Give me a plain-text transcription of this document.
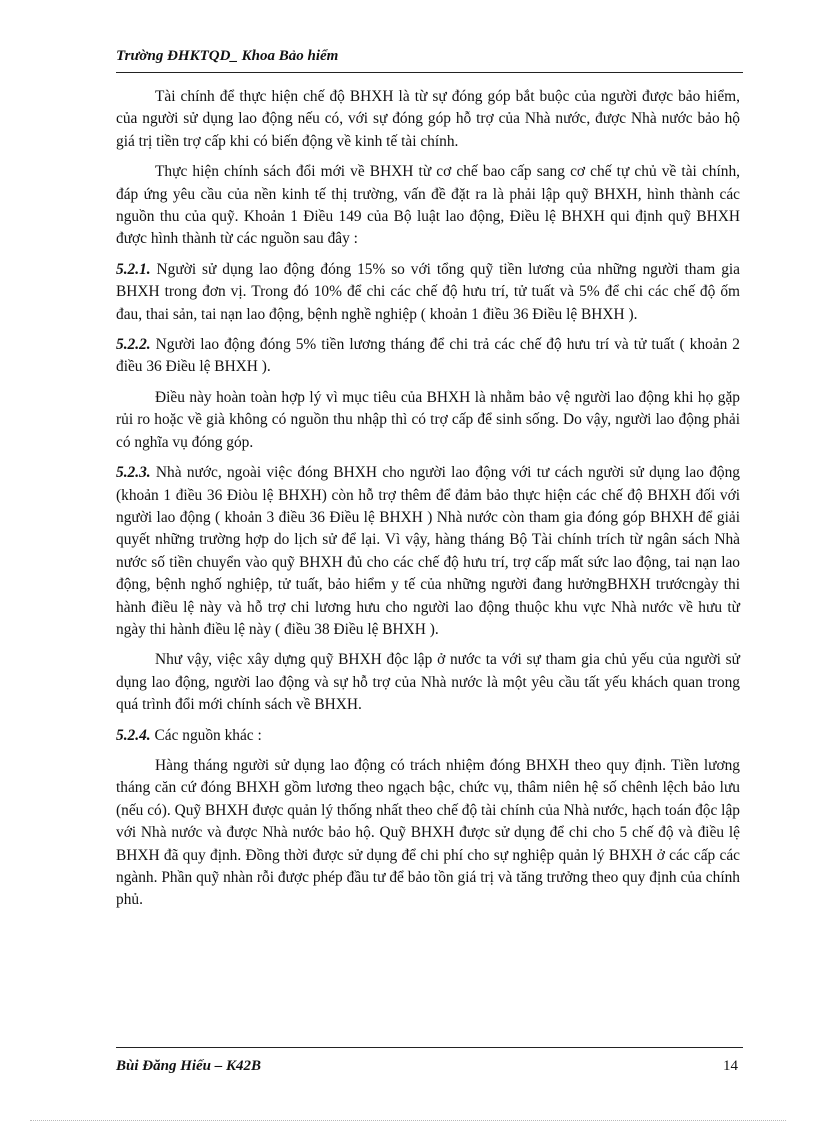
Trường ĐHKTQD_ Khoa Bảo hiểm

Tài chính để thực hiện chế độ BHXH là từ sự đóng góp bắt buộc của người được bảo hiểm, của người sử dụng lao động nếu có, với sự đóng góp hỗ trợ của Nhà nước, được Nhà nước bảo hộ giá trị tiền trợ cấp khi có biến động về kinh tế tài chính.

Thực hiện chính sách đổi mới về BHXH từ cơ chế bao cấp sang cơ chế tự chủ về tài chính, đáp ứng yêu cầu của nền kinh tế thị trường, vấn đề đặt ra là phải lập quỹ BHXH, hình thành các nguồn thu của quỹ. Khoản 1 Điều 149 của Bộ luật lao động, Điều lệ BHXH qui định quỹ BHXH được hình thành từ các nguồn sau đây :

5.2.1. Người sử dụng lao động đóng 15% so với tổng quỹ tiền lương của những người tham gia BHXH trong đơn vị. Trong đó 10% để chi các chế độ hưu trí, tử tuất và 5% để chi các chế độ ốm đau, thai sản, tai nạn lao động, bệnh nghề nghiệp ( khoản 1 điều 36 Điều lệ BHXH ).

5.2.2. Người lao động đóng 5% tiền lương tháng để chi trả các chế độ hưu trí và tử tuất ( khoản 2 điều 36 Điều lệ BHXH ).

Điều này hoàn toàn hợp lý vì mục tiêu của BHXH là nhằm bảo vệ người lao động khi họ gặp rủi ro hoặc về già không có nguồn thu nhập thì có trợ cấp để sinh sống. Do vậy, người lao động phải có nghĩa vụ đóng góp.

5.2.3. Nhà nước, ngoài việc đóng BHXH cho người lao động với tư cách người sử dụng lao động (khoản 1 điều 36 Điòu lệ BHXH) còn hỗ trợ thêm để đảm bảo thực hiện các chế độ BHXH đối với người lao động ( khoản 3 điều 36 Điều lệ BHXH ) Nhà nước còn tham gia đóng góp BHXH để giải quyết những trường hợp do lịch sử để lại. Vì vậy, hàng tháng Bộ Tài chính trích từ ngân sách Nhà nước số tiền chuyển vào quỹ BHXH đủ cho các chế độ hưu trí, trợ cấp mất sức lao động, tai nạn lao động, bệnh nghố nghiệp, tử tuất, bảo hiểm y tế của những người đang hưởngBHXH trướcngày thi hành điều lệ này và hỗ trợ chi lương hưu cho người lao động thuộc khu vực Nhà nước về hưu từ ngày thi hành điều lệ này ( điều 38 Điều lệ BHXH ).

Như vậy, việc xây dựng quỹ BHXH độc lập ở nước ta với sự tham gia chủ yếu của người sử dụng lao động, người lao động và sự hỗ trợ của Nhà nước là một yêu cầu tất yếu khách quan trong quá trình đổi mới chính sách về BHXH.

5.2.4. Các nguồn khác :

Hàng tháng người sử dụng lao động có trách nhiệm đóng BHXH theo quy định. Tiền lương tháng căn cứ đóng BHXH gồm lương theo ngạch bậc, chức vụ, thâm niên hệ số chênh lệch bảo lưu (nếu có). Quỹ BHXH được quản lý thống nhất theo chế độ tài chính của Nhà nước, hạch toán độc lập với Nhà nước và được Nhà nước bảo hộ. Quỹ BHXH được sử dụng để chi cho 5 chế độ và điều lệ BHXH đã quy định. Đồng thời được sử dụng để chi phí cho sự nghiệp quản lý BHXH ở các cấp các ngành. Phần quỹ nhàn rỗi được phép đầu tư để bảo tồn giá trị và tăng trưởng theo quy định của chính phủ.

Bùi Đăng Hiếu – K42B	14
